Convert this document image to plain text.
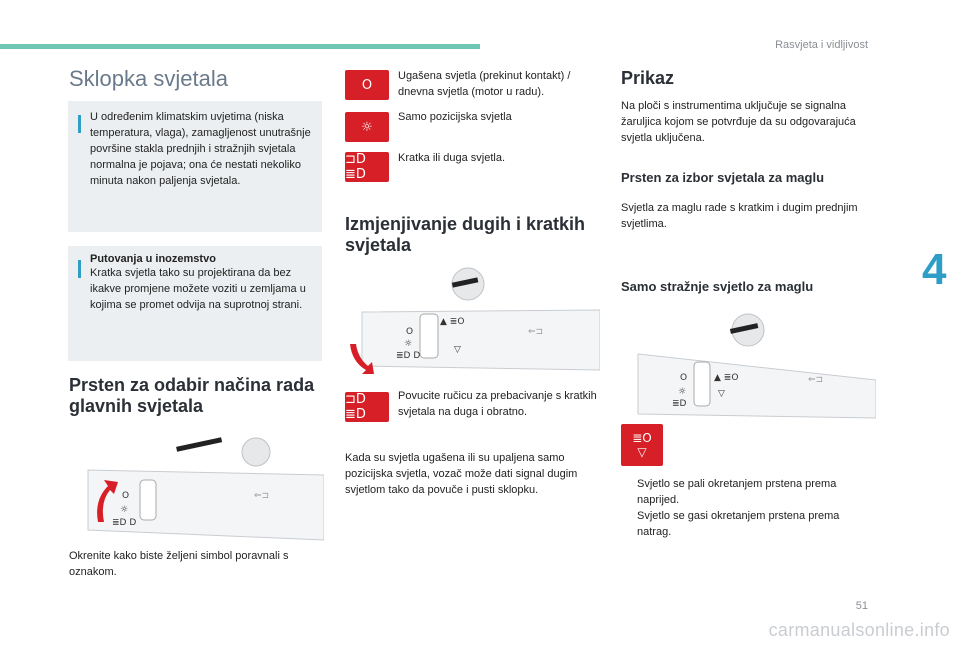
Rasvjeta i vidljivost
Sklopka svjetala
U određenim klimatskim uvjetima (niska temperatura, vlaga), zamagljenost unutrašnje površine stakla prednjih i stražnjih svjetala normalna je pojava; ona će nestati nekoliko minuta nakon paljenja svjetala.
Putovanja u inozemstvo
Kratka svjetla tako su projektirana da bez ikakve promjene možete voziti u zemljama u kojima se promet odvija na suprotnoj strani.
Prsten za odabir načina rada glavnih svjetala
O
☼
≣D D
⇐⊐
Okrenite kako biste željeni simbol poravnali s oznakom.
O
Ugašena svjetla (prekinut kontakt) / dnevna svjetla (motor u radu).
☼
Samo pozicijska svjetla
⊐D ≣D
Kratka ili duga svjetla.
Izmjenjivanje dugih i kratkih svjetala
O
☼
≣D D
▲ ≣O
▽
⇐⊐
⊐D ≣D
Povucite ručicu za prebacivanje s kratkih svjetala na duga i obratno.
Kada su svjetla ugašena ili su upaljena samo pozicijska svjetla, vozač može dati signal dugim svjetlom tako da povuče i pusti sklopku.
Prikaz
Na ploči s instrumentima uključuje se signalna žaruljica kojom se potvrđuje da su odgovarajuća svjetla uključena.
Prsten za izbor svjetala za maglu
Svjetla za maglu rade s kratkim i dugim prednjim svjetlima.
Samo stražnje svjetlo za maglu
O
☼
≣D
▲ ≣O
▽
⇐⊐
≣O
▽
Svjetlo se pali okretanjem prstena prema naprijed.
Svjetlo se gasi okretanjem prstena prema natrag.
4
51
carmanualsonline.info
